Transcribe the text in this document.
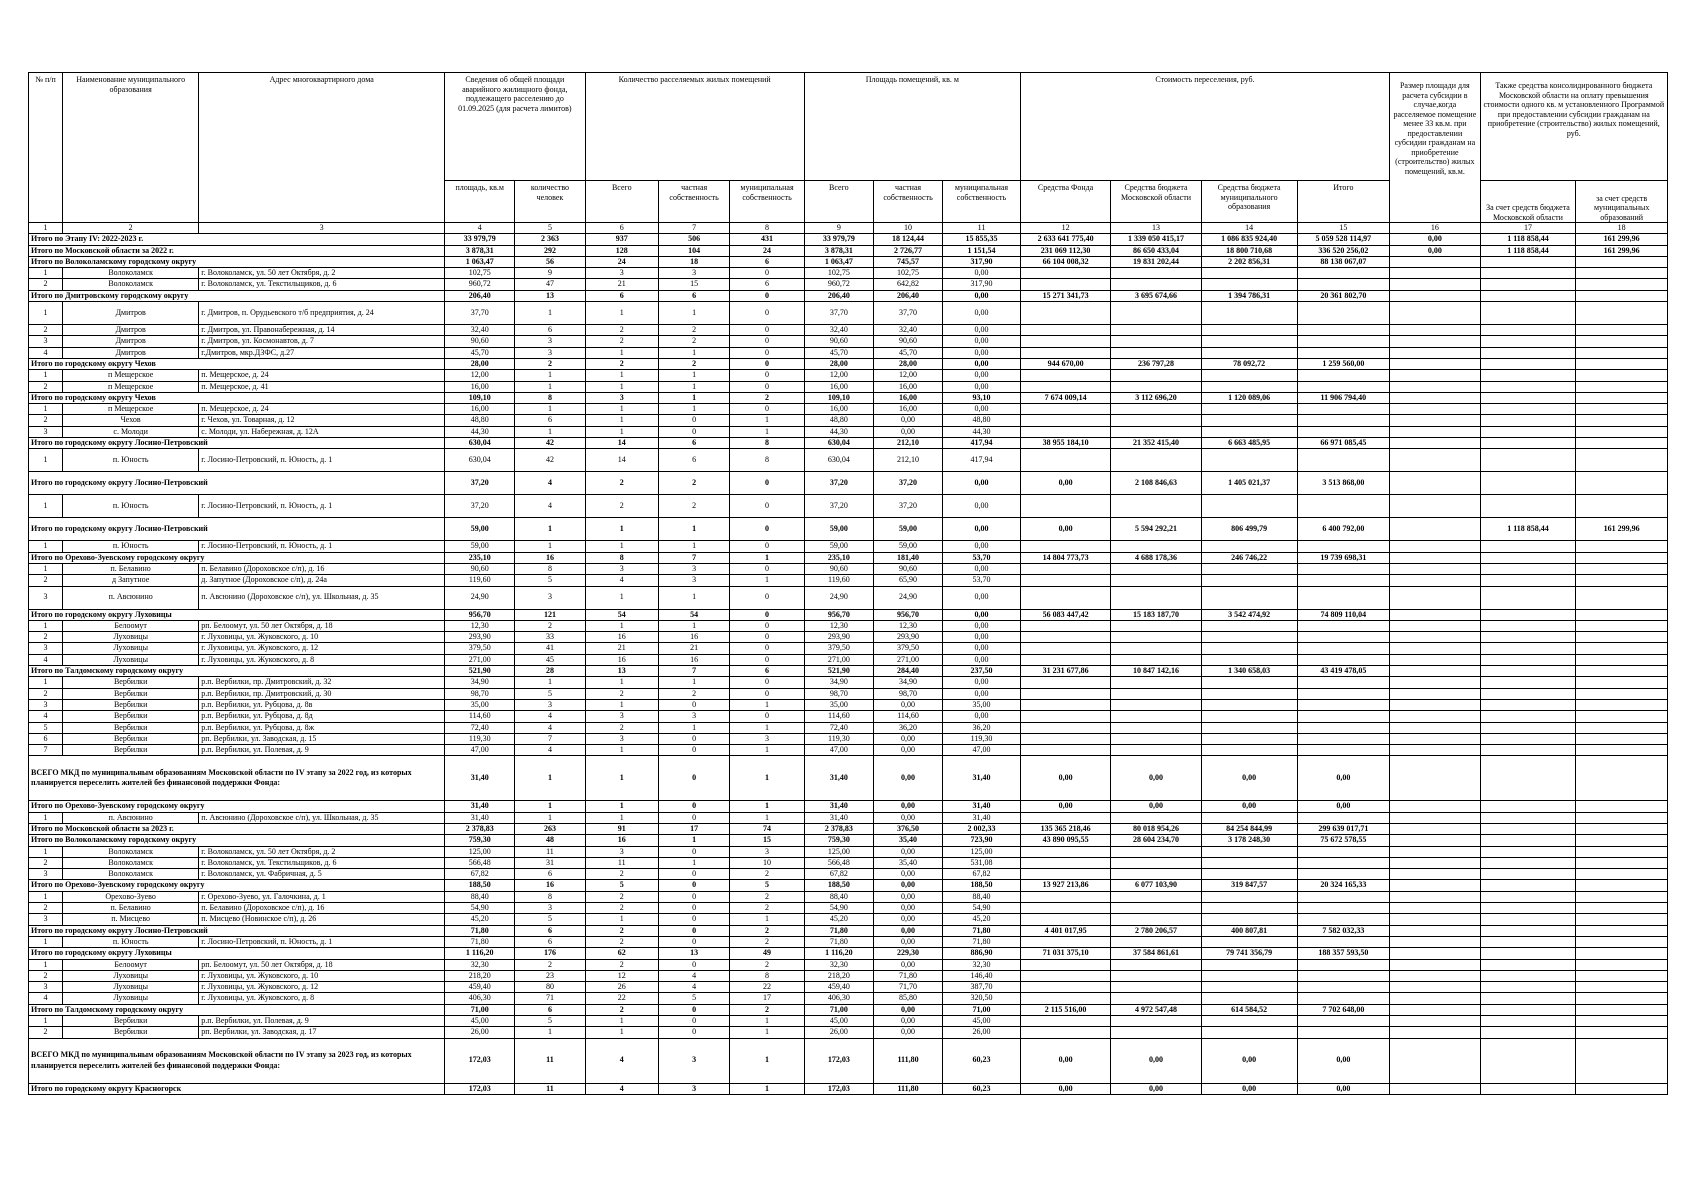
№ п/п	Наименование муниципального образования	Адрес многоквартирного дома	Сведения об общей площади аварийного жилищного фонда, подлежащего расселению до 01.09.2025 (для расчета лимитов)		Количество расселяемых жилых помещений			Площадь помещений, кв. м			Стоимость переселения, руб.				Размер площади для расчета субсидии в случае,когда расселяемое помещение менее 33 кв.м. при предоставлении субсидии гражданам на приобретение (строительство) жилых помещений, кв.м.	Также средства консолидированного бюджета Московской области на оплату превышения стоимости одного кв. м установленного Программой при предоставлении субсидии гражданам на приобретение (строительство) жилых помещений, руб.	
			площадь, кв.м	количество человек	Всего	частная собственность	муниципальная собственность	Всего	частная собственность	муниципальная собственность	Средства Фонда	Средства бюджета Московской области	Средства бюджета муниципального образования	Итого		За счет средств бюджета Московской области	за счет средств муниципальных образований
1	2	3	4	5	6	7	8	9	10	11	12	13	14	15	16	17	18
Итого по Этапу IV: 2022-2023 г.			33 979,79	2 363	937	506	431	33 979,79	18 124,44	15 855,35	2 633 641 775,40	1 339 050 415,17	1 086 835 924,40	5 059 528 114,97	0,00	1 118 858,44	161 299,96
Итого по Московской области за 2022 г.			3 878,31	292	128	104	24	3 878,31	2 726,77	1 151,54	231 069 112,30	86 650 433,04	18 800 710,68	336 520 256,02	0,00	1 118 858,44	161 299,96
Итого по Волоколамскому городскому округу			1 063,47	56	24	18	6	1 063,47	745,57	317,90	66 104 008,32	19 831 202,44	2 202 856,31	88 138 067,07			
1	Волоколамск	г. Волоколамск, ул. 50 лет Октября, д. 2	102,75	9	3	3	0	102,75	102,75	0,00							
2	Волоколамск	г. Волоколамск, ул. Текстильщиков, д. 6	960,72	47	21	15	6	960,72	642,82	317,90							
Итого по Дмитровскому городскому округу			206,40	13	6	6	0	206,40	206,40	0,00	15 271 341,73	3 695 674,66	1 394 786,31	20 361 802,70			
1	Дмитров	г. Дмитров, п. Орудьевского т/б предприятия, д. 24	37,70	1	1	1	0	37,70	37,70	0,00							
2	Дмитров	г. Дмитров, ул. Правонабережная, д. 14	32,40	6	2	2	0	32,40	32,40	0,00							
3	Дмитров	г. Дмитров, ул. Космонавтов, д. 7	90,60	3	2	2	0	90,60	90,60	0,00							
4	Дмитров	г.Дмитров, мкр.ДЗФС, д.27	45,70	3	1	1	0	45,70	45,70	0,00							
Итого по городскому округу Чехов			28,00	2	2	2	0	28,00	28,00	0,00	944 670,00	236 797,28	78 092,72	1 259 560,00			
1	п Мещерское	п. Мещерское, д. 24	12,00	1	1	1	0	12,00	12,00	0,00							
2	п Мещерское	п. Мещерское, д. 41	16,00	1	1	1	0	16,00	16,00	0,00							
Итого по городскому округу Чехов			109,10	8	3	1	2	109,10	16,00	93,10	7 674 009,14	3 112 696,20	1 120 089,06	11 906 794,40			
1	п Мещерское	п. Мещерское, д. 24	16,00	1	1	1	0	16,00	16,00	0,00							
2	Чехов	г. Чехов, ул. Товарная, д. 12	48,80	6	1	0	1	48,80	0,00	48,80							
3	с. Молоди	с. Молоди, ул. Набережная, д. 12А	44,30	1	1	0	1	44,30	0,00	44,30							
Итого по городскому округу Лосино-Петровский			630,04	42	14	6	8	630,04	212,10	417,94	38 955 184,10	21 352 415,40	6 663 485,95	66 971 085,45			
1	п. Юность	г. Лосино-Петровский, п. Юность, д. 1	630,04	42	14	6	8	630,04	212,10	417,94							
Итого по городскому округу Лосино-Петровский			37,20	4	2	2	0	37,20	37,20	0,00	0,00	2 108 846,63	1 405 021,37	3 513 868,00			
1	п. Юность	г. Лосино-Петровский, п. Юность, д. 1	37,20	4	2	2	0	37,20	37,20	0,00							
Итого по городскому округу Лосино-Петровский			59,00	1	1	1	0	59,00	59,00	0,00	0,00	5 594 292,21	806 499,79	6 400 792,00		1 118 858,44	161 299,96
1	п. Юность	г. Лосино-Петровский, п. Юность, д. 1	59,00	1	1	1	0	59,00	59,00	0,00							
Итого по Орехово-Зуевскому городскому округу			235,10	16	8	7	1	235,10	181,40	53,70	14 804 773,73	4 688 178,36	246 746,22	19 739 698,31			
1	п. Белавино	п. Белавино (Дороховское с/п), д. 16	90,60	8	3	3	0	90,60	90,60	0,00							
2	д Запутное	д. Запутное (Дороховское с/п), д. 24а	119,60	5	4	3	1	119,60	65,90	53,70							
3	п. Авсюнино	п. Авсюнино (Дороховское с/п), ул. Школьная, д. 35	24,90	3	1	1	0	24,90	24,90	0,00							
Итого по городскому округу Луховицы			956,70	121	54	54	0	956,70	956,70	0,00	56 083 447,42	15 183 187,70	3 542 474,92	74 809 110,04			
1	Белоомут	рп. Белоомут, ул. 50 лет Октября, д. 18	12,30	2	1	1	0	12,30	12,30	0,00							
2	Луховицы	г. Луховицы, ул. Жуковского, д. 10	293,90	33	16	16	0	293,90	293,90	0,00							
3	Луховицы	г. Луховицы, ул. Жуковского, д. 12	379,50	41	21	21	0	379,50	379,50	0,00							
4	Луховицы	г. Луховицы, ул. Жуковского, д. 8	271,00	45	16	16	0	271,00	271,00	0,00							
Итого по Талдомскому городскому округу			521,90	28	13	7	6	521,90	284,40	237,50	31 231 677,86	10 847 142,16	1 340 658,03	43 419 478,05			
1	Вербилки	р.п. Вербилки, пр. Дмитровский, д. 32	34,90	1	1	1	0	34,90	34,90	0,00							
2	Вербилки	р.п. Вербилки, пр. Дмитровский, д. 30	98,70	5	2	2	0	98,70	98,70	0,00							
3	Вербилки	р.п. Вербилки, ул. Рубцова, д. 8в	35,00	3	1	0	1	35,00	0,00	35,00							
4	Вербилки	р.п. Вербилки, ул. Рубцова, д. 8д	114,60	4	3	3	0	114,60	114,60	0,00							
5	Вербилки	р.п. Вербилки, ул. Рубцова, д. 8ж	72,40	4	2	1	1	72,40	36,20	36,20							
6	Вербилки	рп. Вербилки, ул. Заводская, д. 15	119,30	7	3	0	3	119,30	0,00	119,30							
7	Вербилки	р.п. Вербилки, ул. Полевая, д. 9	47,00	4	1	0	1	47,00	0,00	47,00							
ВСЕГО МКД по муниципальным образованиям Московской области по IV этапу за 2022 год, из которых планируется переселить жителей без финансовой поддержки Фонда:			31,40	1	1	0	1	31,40	0,00	31,40	0,00	0,00	0,00	0,00			
Итого по Орехово-Зуевскому городскому округу			31,40	1	1	0	1	31,40	0,00	31,40	0,00	0,00	0,00	0,00			
1	п. Авсюнино	п. Авсюнино (Дороховское с/п), ул. Школьная, д. 35	31,40	1	1	0	1	31,40	0,00	31,40							
Итого по Московской области за 2023 г.			2 378,83	263	91	17	74	2 378,83	376,50	2 002,33	135 365 218,46	80 018 954,26	84 254 844,99	299 639 017,71			
Итого по Волоколамскому городскому округу			759,30	48	16	1	15	759,30	35,40	723,90	43 890 095,55	28 604 234,70	3 178 248,30	75 672 578,55			
1	Волоколамск	г. Волоколамск, ул. 50 лет Октября, д. 2	125,00	11	3	0	3	125,00	0,00	125,00							
2	Волоколамск	г. Волоколамск, ул. Текстильщиков, д. 6	566,48	31	11	1	10	566,48	35,40	531,08							
3	Волоколамск	г. Волоколамск, ул. Фабричная, д. 5	67,82	6	2	0	2	67,82	0,00	67,82							
Итого по Орехово-Зуевскому городскому округу			188,50	16	5	0	5	188,50	0,00	188,50	13 927 213,86	6 077 103,90	319 847,57	20 324 165,33			
1	Орехово-Зуево	г. Орехово-Зуево, ул. Галочкина, д. 1	88,40	8	2	0	2	88,40	0,00	88,40							
2	п. Белавино	п. Белавино (Дороховское с/п), д. 16	54,90	3	2	0	2	54,90	0,00	54,90							
3	п. Мисцево	п. Мисцево (Новинское с/п), д. 26	45,20	5	1	0	1	45,20	0,00	45,20							
Итого по городскому округу Лосино-Петровский			71,80	6	2	0	2	71,80	0,00	71,80	4 401 017,95	2 780 206,57	400 807,81	7 582 032,33			
1	п. Юность	г. Лосино-Петровский, п. Юность, д. 1	71,80	6	2	0	2	71,80	0,00	71,80							
Итого по городскому округу Луховицы			1 116,20	176	62	13	49	1 116,20	229,30	886,90	71 031 375,10	37 584 861,61	79 741 356,79	188 357 593,50			
1	Белоомут	рп. Белоомут, ул. 50 лет Октября, д. 18	32,30	2	2	0	2	32,30	0,00	32,30							
2	Луховицы	г. Луховицы, ул. Жуковского, д. 10	218,20	23	12	4	8	218,20	71,80	146,40							
3	Луховицы	г. Луховицы, ул. Жуковского, д. 12	459,40	80	26	4	22	459,40	71,70	387,70							
4	Луховицы	г. Луховицы, ул. Жуковского, д. 8	406,30	71	22	5	17	406,30	85,80	320,50							
Итого по Талдомскому городскому округу			71,00	6	2	0	2	71,00	0,00	71,00	2 115 516,00	4 972 547,48	614 584,52	7 702 648,00			
1	Вербилки	р.п. Вербилки, ул. Полевая, д. 9	45,00	5	1	0	1	45,00	0,00	45,00							
2	Вербилки	рп. Вербилки, ул. Заводская, д. 17	26,00	1	1	0	1	26,00	0,00	26,00							
ВСЕГО МКД по муниципальным образованиям Московской области по IV этапу за 2023 год, из которых планируется переселить жителей без финансовой поддержки Фонда:			172,03	11	4	3	1	172,03	111,80	60,23	0,00	0,00	0,00	0,00			
Итого по городскому округу Красногорск			172,03	11	4	3	1	172,03	111,80	60,23	0,00	0,00	0,00	0,00			
